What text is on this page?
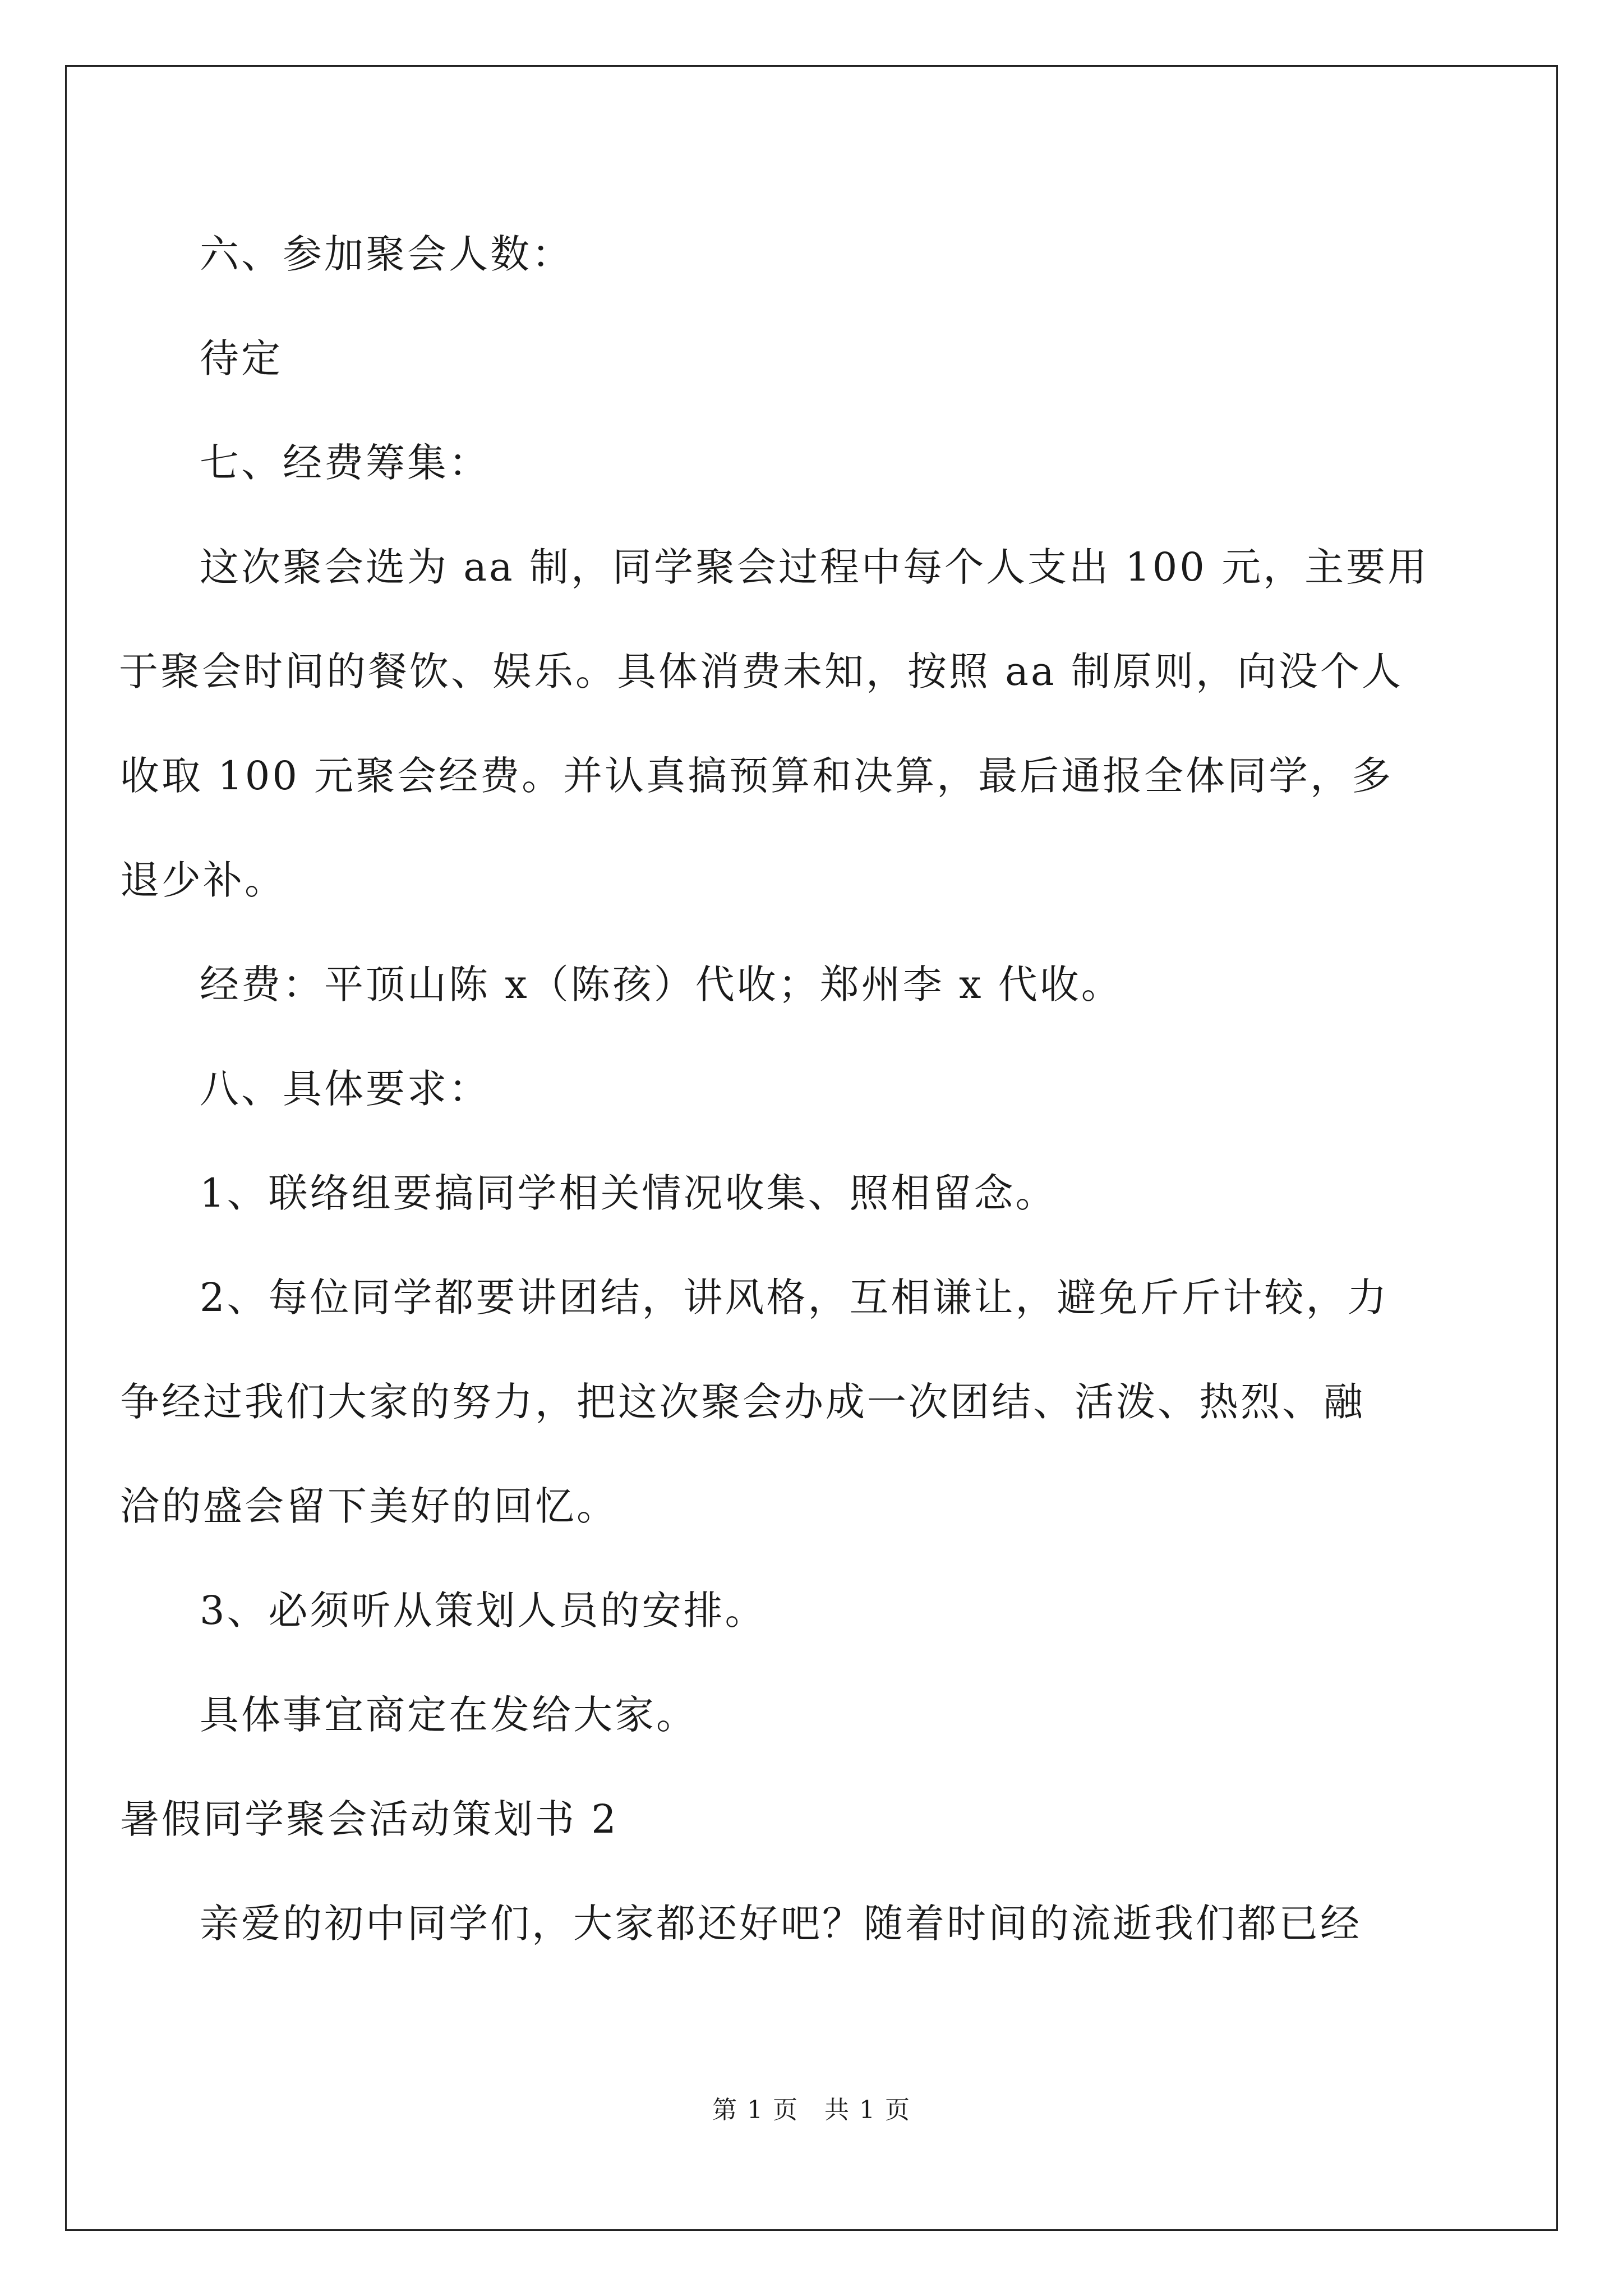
六、参加聚会人数：
待定
七、经费筹集：
这次聚会选为 aa 制，同学聚会过程中每个人支出 100 元，主要用
于聚会时间的餐饮、娱乐。具体消费未知，按照 aa 制原则，向没个人
收取 100 元聚会经费。并认真搞预算和决算，最后通报全体同学，多
退少补。
经费：平顶山陈 x（陈孩）代收；郑州李 x 代收。
八、具体要求：
1、联络组要搞同学相关情况收集、照相留念。
2、每位同学都要讲团结，讲风格，互相谦让，避免斤斤计较，力
争经过我们大家的努力，把这次聚会办成一次团结、活泼、热烈、融
洽的盛会留下美好的回忆。
3、必须听从策划人员的安排。
具体事宜商定在发给大家。
暑假同学聚会活动策划书 2
亲爱的初中同学们，大家都还好吧？随着时间的流逝我们都已经
第 1 页　共 1 页
